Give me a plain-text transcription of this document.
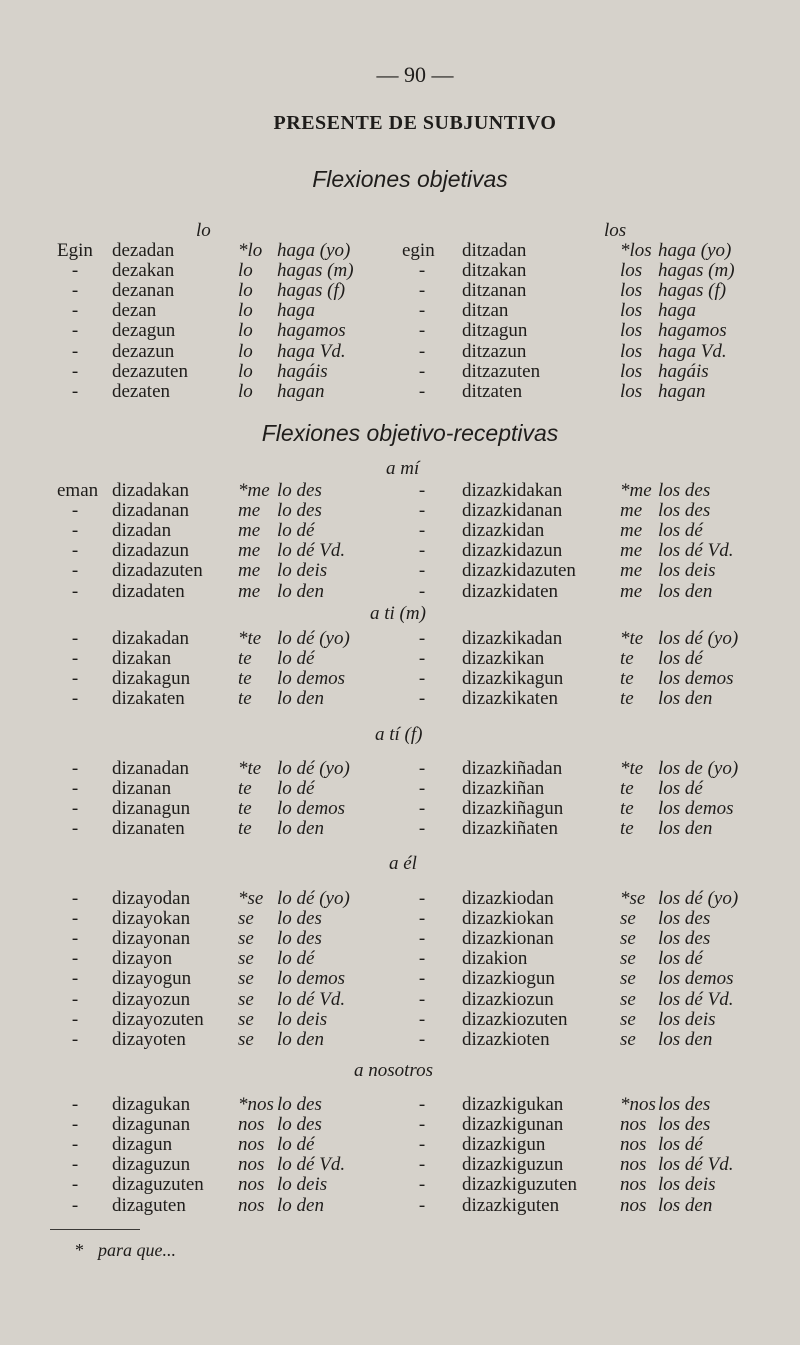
— 90 —
PRESENTE DE SUBJUNTIVO
Flexiones objetivas
lo	los
Egin	dezadan	*lo haga (yo)	egin	ditzadan	*los haga (yo)
-	dezakan	lo hagas (m)	-	ditzakan	los hagas (m)
-	dezanan	lo hagas (f)	-	ditzanan	los hagas (f)
-	dezan	lo haga	-	ditzan	los haga
-	dezagun	lo hagamos	-	ditzagun	los hagamos
-	dezazun	lo haga Vd.	-	ditzazun	los haga Vd.
-	dezazuten	lo hagáis	-	ditzazuten	los hagáis
-	dezaten	lo hagan	-	ditzaten	los hagan
Flexiones objetivo-receptivas
a mí
eman dizadakan	*me lo des	-	dizazkidakan	*me los des
-	dizadanan	me lo des	-	dizazkidanan	me los des
-	dizadan	me lo dé	-	dizazkidan	me los dé
-	dizadazun	me lo dé Vd.	-	dizazkidazun	me los dé Vd.
-	dizadazuten me lo deis	-	dizazkidazuten me los deis
-	dizadaten	me lo den	-	dizazkidaten	me los den
a ti (m)
-	dizakadan	*te lo dé (yo)	-	dizazkikadan	*te los dé (yo)
-	dizakan	te lo dé	-	dizazkikan	te los dé
-	dizakagun	te lo demos	-	dizazkikagun	te los demos
-	dizakaten	te lo den	-	dizazkikaten	te los den
a tí (f)
-	dizanadan	*te lo dé (yo)	-	dizazkiñadan	*te los de (yo)
-	dizanan	te lo dé	-	dizazkiñan	te los dé
-	dizanagun	te lo demos	-	dizazkiñagun	te los demos
-	dizanaten	te lo den	-	dizazkiñaten	te los den
a él
-	dizayodan	*se lo dé (yo)	-	dizazkiodan	*se los dé (yo)
-	dizayokan	se lo des	-	dizazkiokan	se los des
-	dizayonan	se lo des	-	dizazkionan	se los des
-	dizayon	se lo dé	-	dizakion	se los dé
-	dizayogun se lo demos	-	dizazkiogun	se los demos
-	dizayozun	se lo dé Vd.	-	dizazkiozun	se los dé Vd.
-	dizayozuten se lo deis	-	dizazkiozuten	se los deis
-	dizayoten	se lo den	-	dizazkioten	se los den
a nosotros
-	dizagukan	*nos lo des	-	dizazkigukan	*nos los des
-	dizagunan	nos lo des	-	dizazkigunan	nos los des
-	dizagun	nos lo dé	-	dizazkigun	nos los dé
-	dizaguzun	nos lo dé Vd.	-	dizazkiguzun	nos los dé Vd.
-	dizaguzuten nos lo deis	-	dizazkiguzuten nos los deis
-	dizaguten	nos lo den	-	dizazkiguten	nos los den
* para que...
